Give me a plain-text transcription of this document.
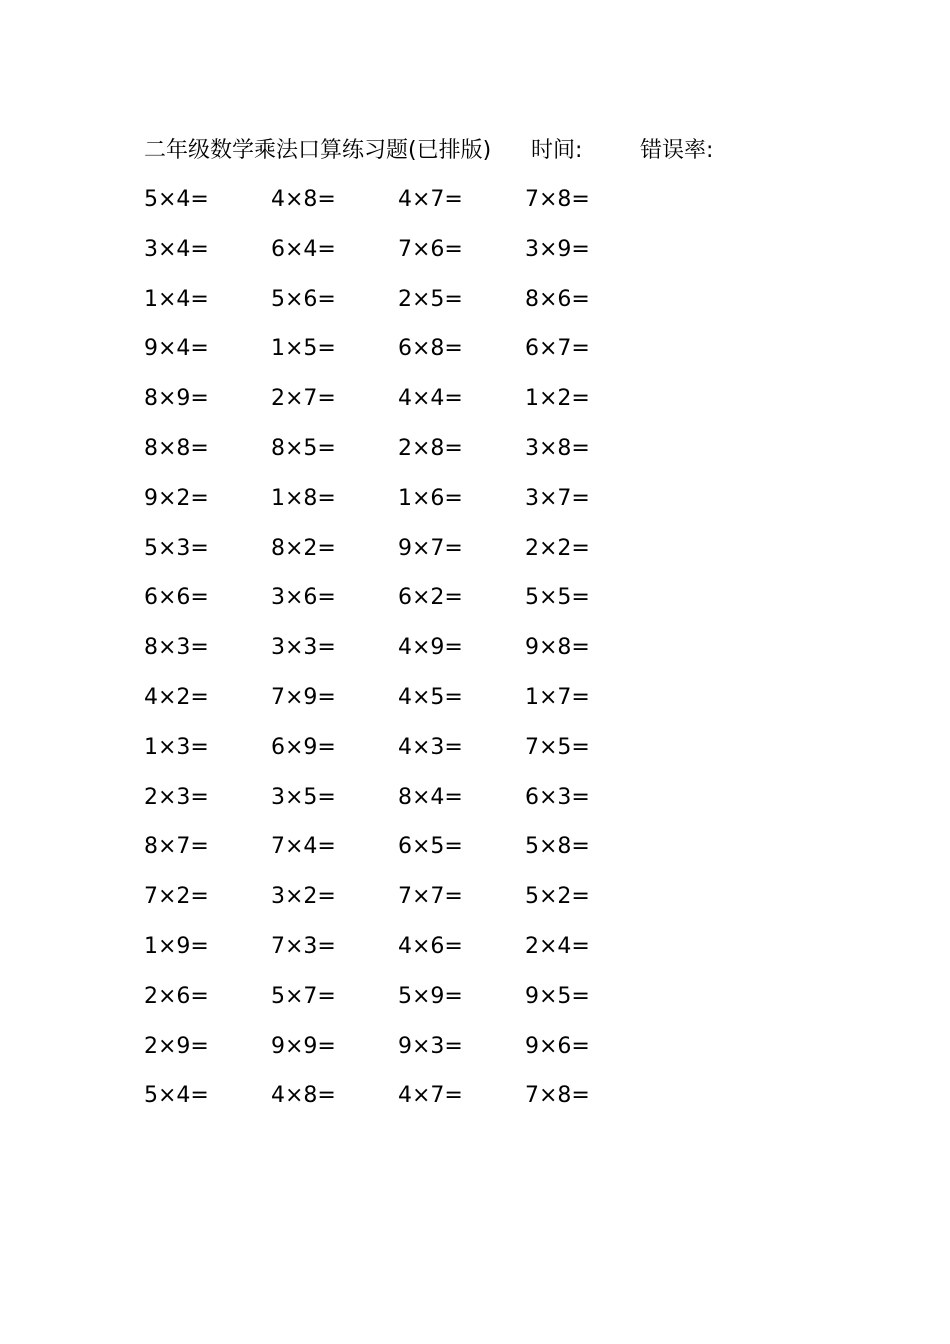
二年级数学乘法口算练习题(已排版) 时间:	错误率:
5×4=	4×8=	4×7=	7×8=
3×4=	6×4=	7×6=	3×9=
1×4=	5×6=	2×5=	8×6=
9×4=	1×5=	6×8=	6×7=
8×9=	2×7=	4×4=	1×2=
8×8=	8×5=	2×8=	3×8=
9×2=	1×8=	1×6=	3×7=
5×3=	8×2=	9×7=	2×2=
6×6=	3×6=	6×2=	5×5=
8×3=	3×3=	4×9=	9×8=
4×2=	7×9=	4×5=	1×7=
1×3=	6×9=	4×3=	7×5=
2×3=	3×5=	8×4=	6×3=
8×7=	7×4=	6×5=	5×8=
7×2=	3×2=	7×7=	5×2=
1×9=	7×3=	4×6=	2×4=
2×6=	5×7=	5×9=	9×5=
2×9=	9×9=	9×3=	9×6=
5×4=	4×8=	4×7=	7×8=
